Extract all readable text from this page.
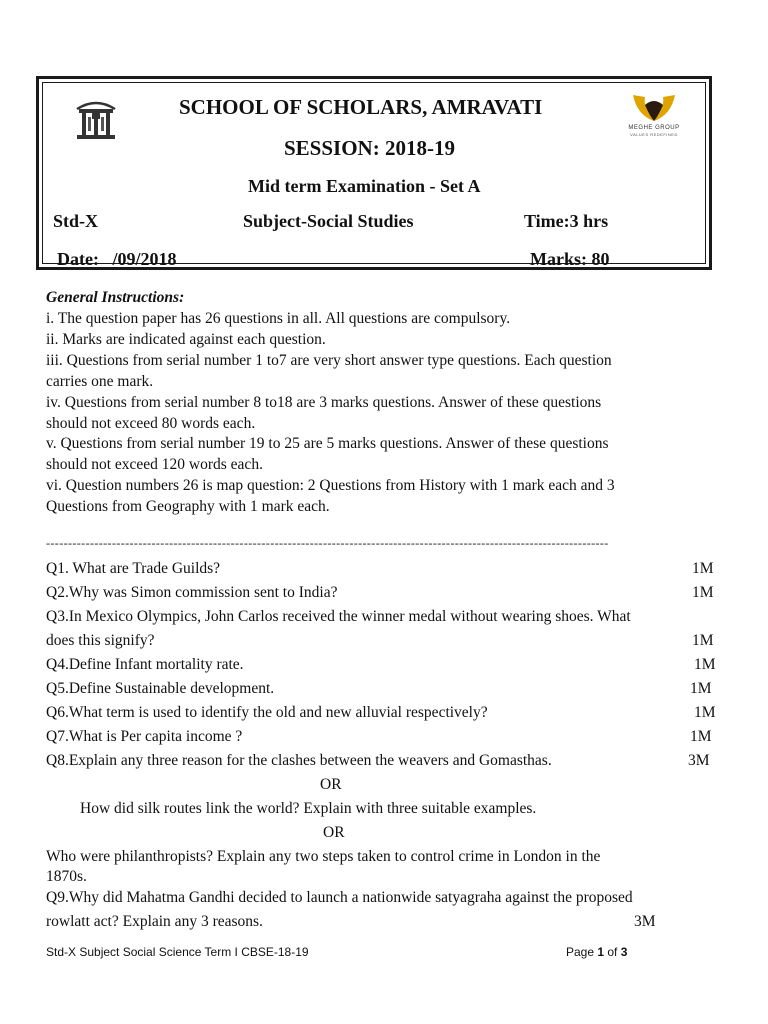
SCHOOL OF SCHOLARS, AMRAVATI
SESSION: 2018-19
MEGHE GROUP
VALUES REDEFINED
Mid term Examination - Set A
Std-X	Subject-Social Studies	Time:3 hrs
Date:   /09/2018	Marks: 80
General Instructions:
i. The question paper has 26 questions in all. All questions are compulsory.
ii. Marks are indicated against each question.
iii. Questions from serial number 1 to7 are very short answer type questions. Each question
carries one mark.
iv. Questions from serial number 8 to18 are 3 marks questions. Answer of these questions
should not exceed 80 words each.
v. Questions from serial number 19 to 25 are 5 marks questions. Answer of these questions
should not exceed 120 words each.
vi. Question numbers 26 is map question: 2 Questions from History with 1 mark each and 3
Questions from Geography with 1 mark each.
--------------------------------------------------------------------------------------------------------------------------------
Q1. What are Trade Guilds?	1M
Q2.Why was Simon commission sent to India?	1M
Q3.In Mexico Olympics, John Carlos received the winner medal without wearing shoes. What
does this signify?	1M
Q4.Define Infant mortality rate.	1M
Q5.Define Sustainable development.	1M
Q6.What term is used to identify the old and new alluvial respectively?	1M
Q7.What is Per capita income ?	1M
Q8.Explain any three reason for the clashes between the weavers and Gomasthas.	3M
OR
How did silk routes link the world? Explain with three suitable examples.
OR
Who were philanthropists? Explain any two steps taken to control crime in London in the
1870s.
Q9.Why did Mahatma Gandhi decided to launch a nationwide satyagraha against the proposed
rowlatt act? Explain any 3 reasons.	3M
Std-X Subject Social Science Term I CBSE-18-19	Page 1 of 3
